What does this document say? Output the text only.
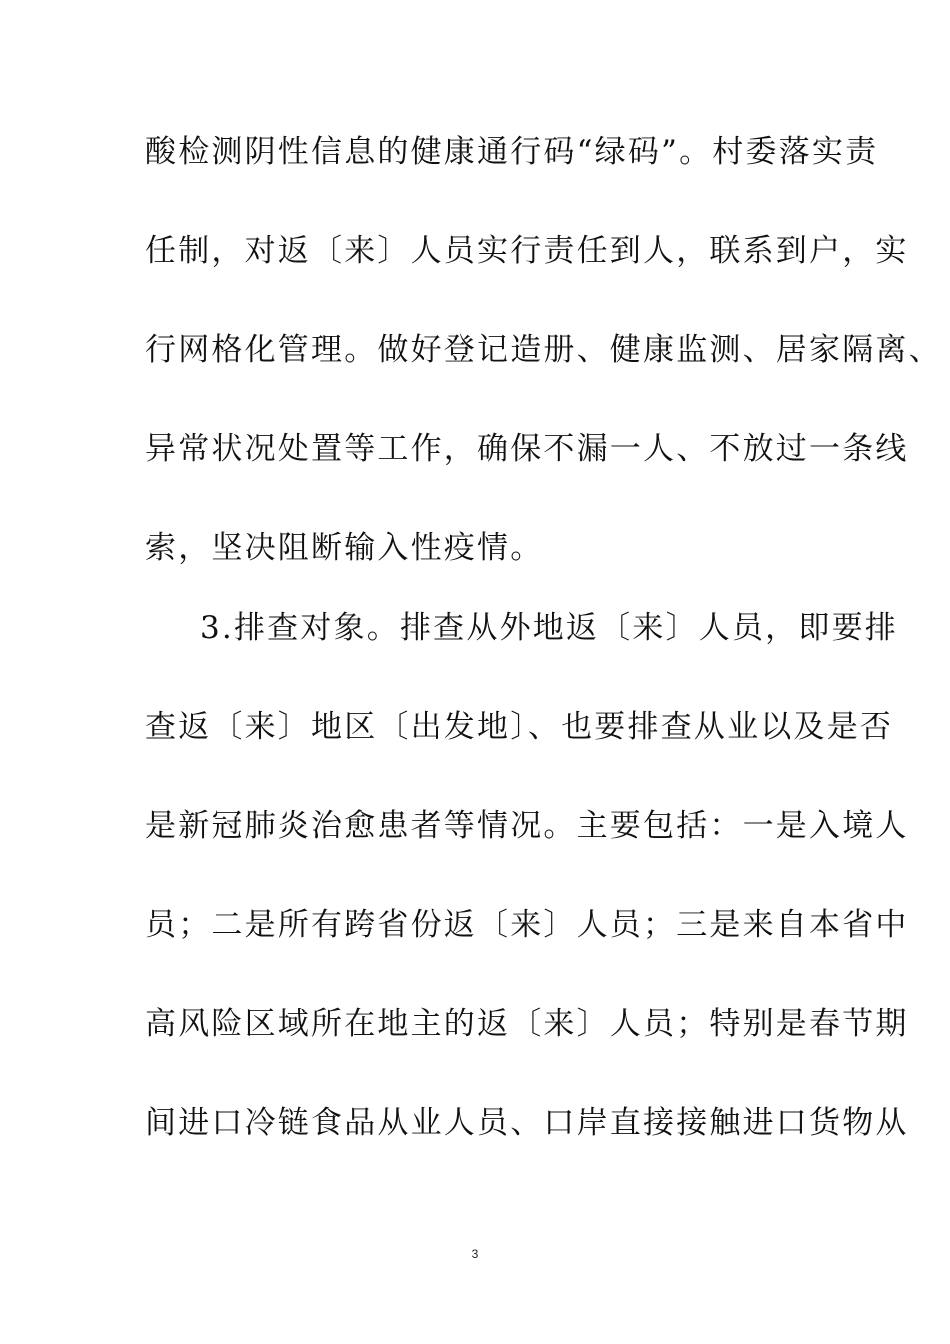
酸检测阴性信息的健康通行码“绿码”。村委落实责
任制，对返〔来〕人员实行责任到人，联系到户，实
行网格化管理。做好登记造册、健康监测、居家隔离、
异常状况处置等工作，确保不漏一人、不放过一条线
索，坚决阻断输入性疫情。
3.排查对象。排查从外地返〔来〕人员，即要排
查返〔来〕地区〔出发地〕、也要排查从业以及是否
是新冠肺炎治愈患者等情况。主要包括：一是入境人
员；二是所有跨省份返〔来〕人员；三是来自本省中
高风险区域所在地主的返〔来〕人员；特别是春节期
间进口冷链食品从业人员、口岸直接接触进口货物从
3
